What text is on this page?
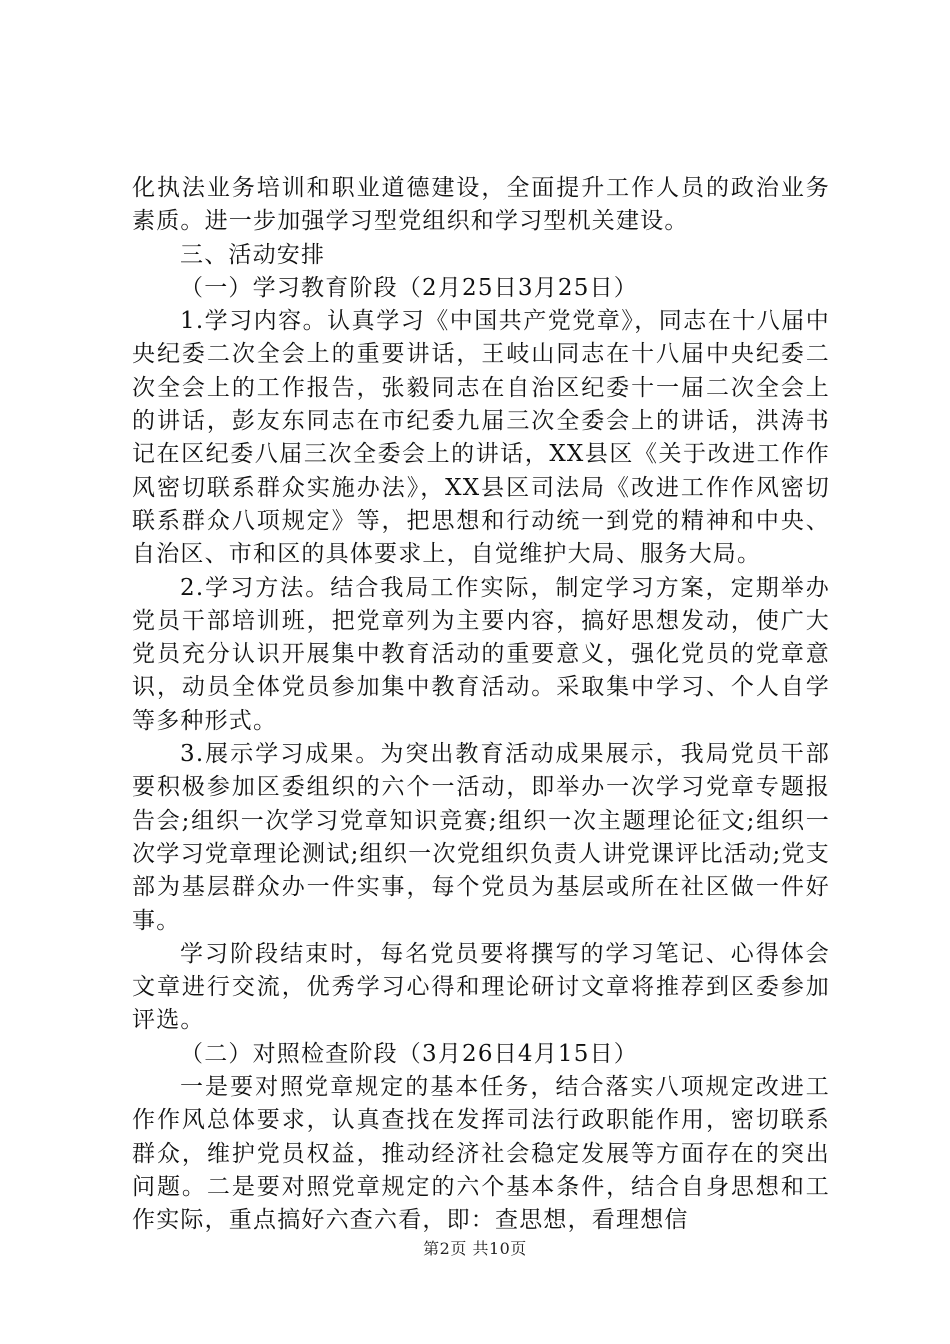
化执法业务培训和职业道德建设，全面提升工作人员的政治业务素质。进一步加强学习型党组织和学习型机关建设。

三、活动安排

（一）学习教育阶段（2月25日3月25日）

1.学习内容。认真学习《中国共产党党章》，同志在十八届中央纪委二次全会上的重要讲话，王岐山同志在十八届中央纪委二次全会上的工作报告，张毅同志在自治区纪委十一届二次全会上的讲话，彭友东同志在市纪委九届三次全委会上的讲话，洪涛书记在区纪委八届三次全委会上的讲话，XX县区《关于改进工作作风密切联系群众实施办法》，XX县区司法局《改进工作作风密切联系群众八项规定》等，把思想和行动统一到党的精神和中央、自治区、市和区的具体要求上，自觉维护大局、服务大局。

2.学习方法。结合我局工作实际，制定学习方案，定期举办党员干部培训班，把党章列为主要内容，搞好思想发动，使广大党员充分认识开展集中教育活动的重要意义，强化党员的党章意识，动员全体党员参加集中教育活动。采取集中学习、个人自学等多种形式。

3.展示学习成果。为突出教育活动成果展示，我局党员干部要积极参加区委组织的六个一活动，即举办一次学习党章专题报告会;组织一次学习党章知识竞赛;组织一次主题理论征文;组织一次学习党章理论测试;组织一次党组织负责人讲党课评比活动;党支部为基层群众办一件实事，每个党员为基层或所在社区做一件好事。

学习阶段结束时，每名党员要将撰写的学习笔记、心得体会文章进行交流，优秀学习心得和理论研讨文章将推荐到区委参加评选。

（二）对照检查阶段（3月26日4月15日）

一是要对照党章规定的基本任务，结合落实八项规定改进工作作风总体要求，认真查找在发挥司法行政职能作用，密切联系群众，维护党员权益，推动经济社会稳定发展等方面存在的突出问题。二是要对照党章规定的六个基本条件，结合自身思想和工作实际，重点搞好六查六看，即：查思想，看理想信

第2页 共10页
